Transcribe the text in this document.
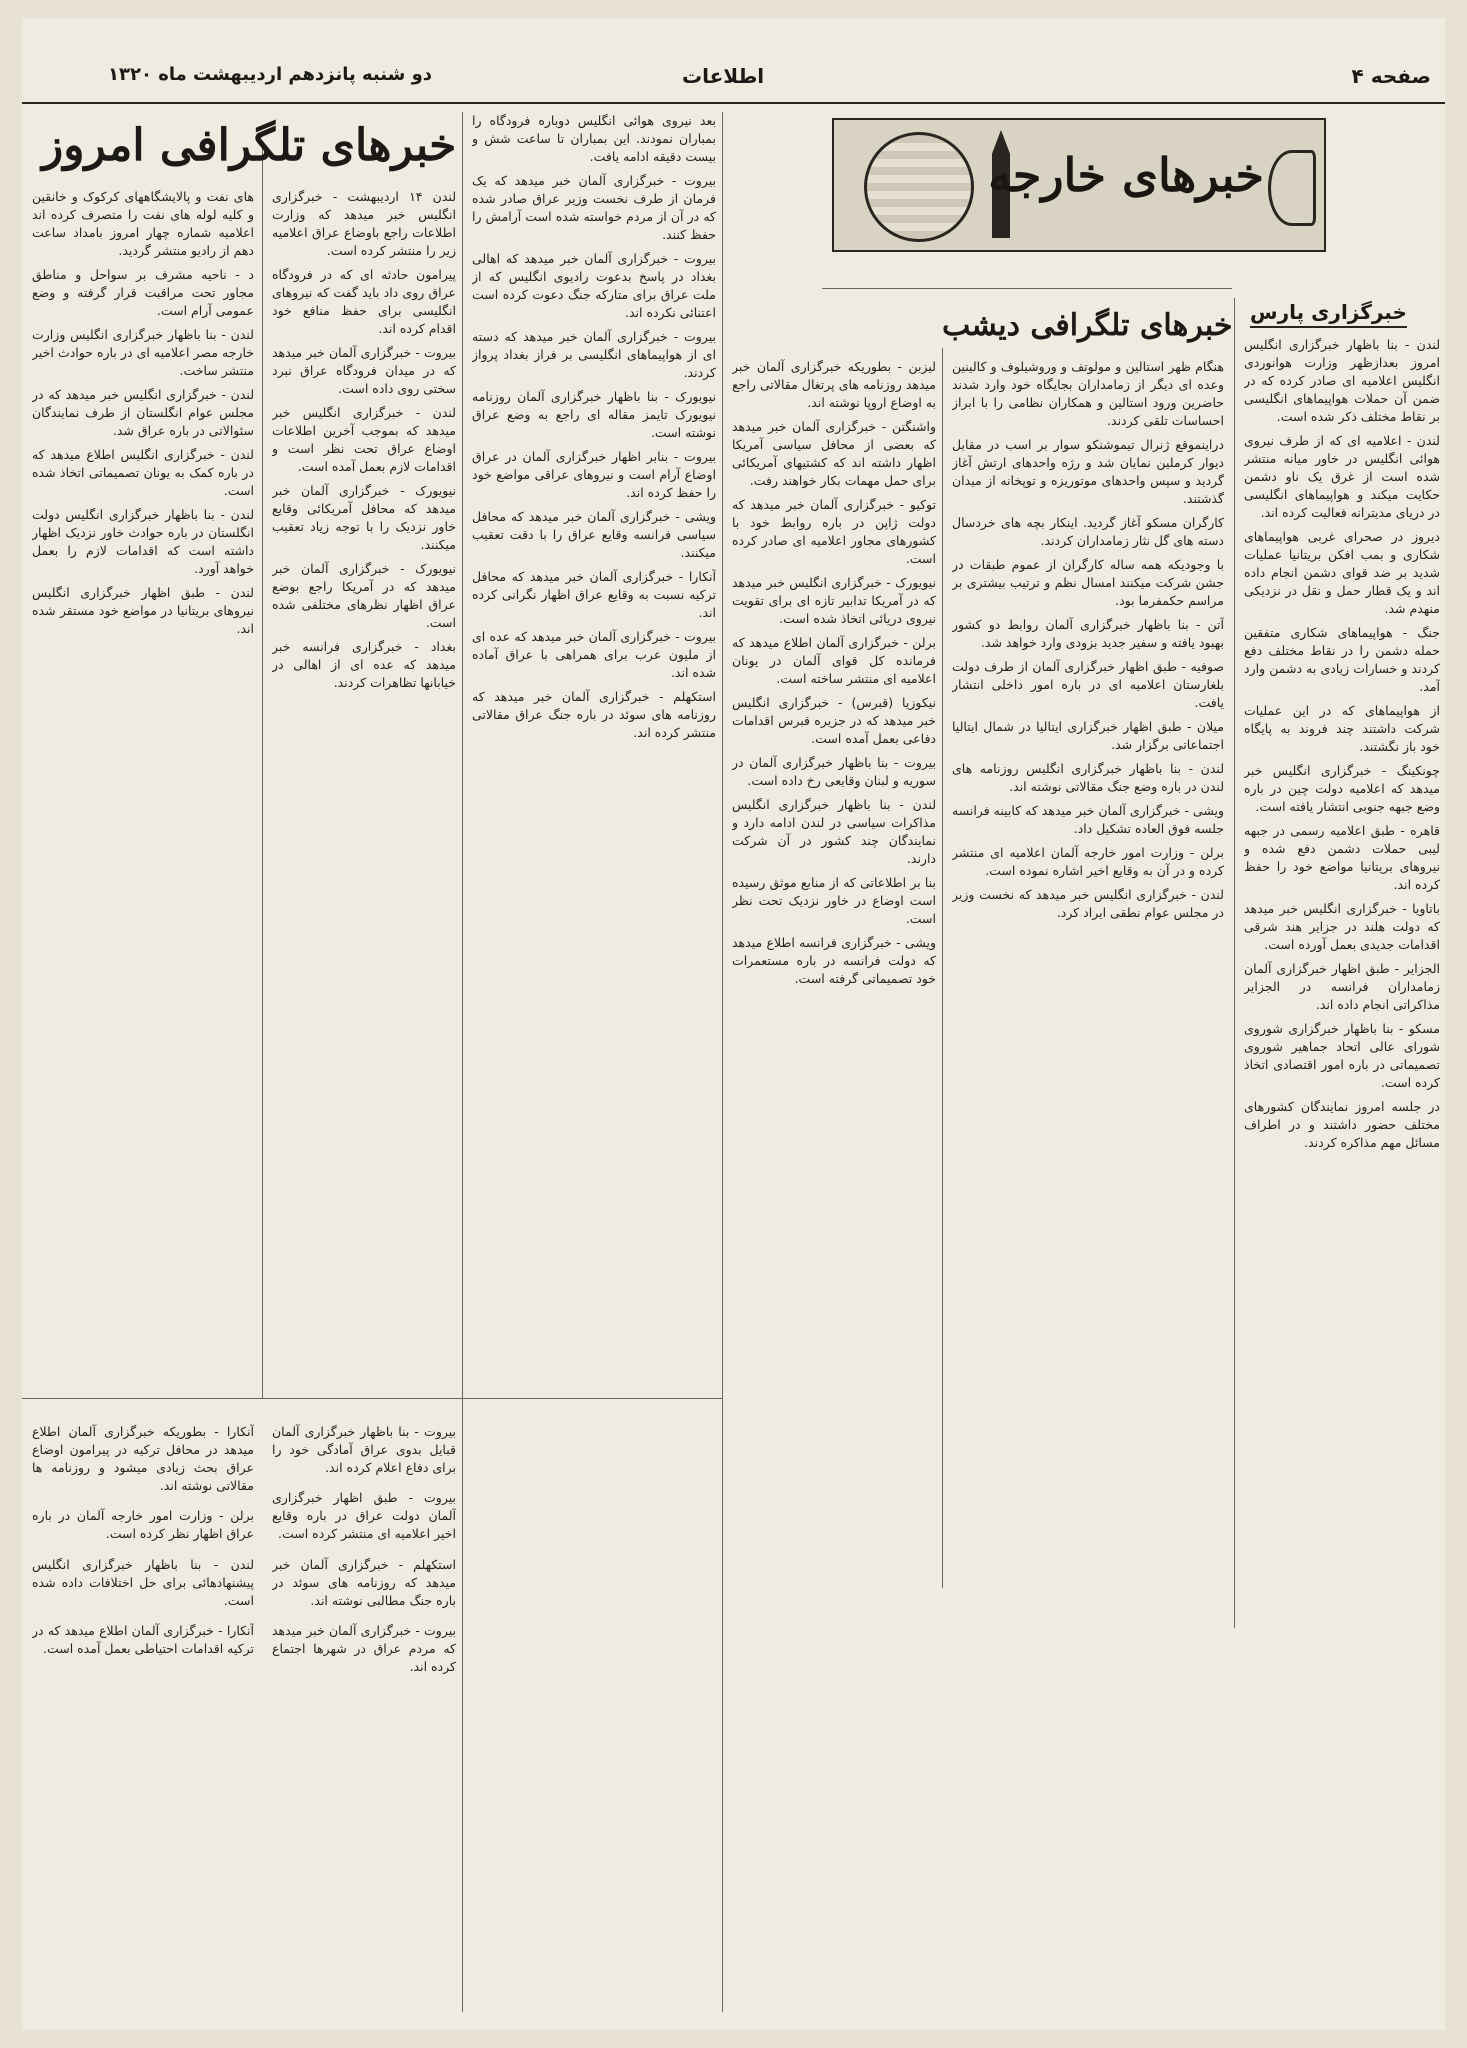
صفحه ۴
اطلاعات
دو شنبه پانزدهم اردیبهشت ماه ۱۳۲۰
خبرهای خارجه
خبرهای تلگرافی امروز
خبرهای تلگرافی دیشب خبرگزاری پارس

لندن - بنا باظهار خبرگزاری انگلیس امروز بعدازظهر وزارت هوانوردی انگلیس اعلامیه ای صادر کرده که در ضمن آن حملات هواپیماهای انگلیسی بر نقاط مختلف ذکر شده است.

لندن - اعلامیه ای که از طرف نیروی هوائی انگلیس در خاور میانه منتشر شده است از غرق یک ناو دشمن حکایت میکند و هواپیماهای انگلیسی در دریای مدیترانه فعالیت کرده اند.

دیروز در صحرای غربی هواپیماهای شکاری و بمب افکن بریتانیا عملیات شدید بر ضد قوای دشمن انجام داده اند و یک قطار حمل و نقل در نزدیکی منهدم شد.

جنگ - هواپیماهای شکاری متفقین حمله دشمن را در نقاط مختلف دفع کردند و خسارات زیادی به دشمن وارد آمد.

از هواپیماهای که در این عملیات شرکت داشتند چند فروند به پایگاه خود باز نگشتند.

چونکینگ - خبرگزاری انگلیس خبر میدهد که اعلامیه دولت چین در باره وضع جبهه جنوبی انتشار یافته است.

قاهره - طبق اعلامیه رسمی در جبهه لیبی حملات دشمن دفع شده و نیروهای بریتانیا مواضع خود را حفظ کرده اند.

باتاویا - خبرگزاری انگلیس خبر میدهد که دولت هلند در جزایر هند شرقی اقدامات جدیدی بعمل آورده است.

الجزایر - طبق اظهار خبرگزاری آلمان زمامداران فرانسه در الجزایر مذاکراتی انجام داده اند.

مسکو - بنا باظهار خبرگزاری شوروی شورای عالی اتحاد جماهیر شوروی تصمیماتی در باره امور اقتصادی اتخاذ کرده است.

در جلسه امروز نمایندگان کشورهای مختلف حضور داشتند و در اطراف مسائل مهم مذاکره کردند.

هنگام ظهر استالین و مولوتف و وروشیلوف و کالینین وعده ای دیگر از زمامداران بجایگاه خود وارد شدند حاضرین ورود استالین و همکاران نظامی را با ابراز احساسات تلقی کردند.

دراینموقع ژنرال تیموشنکو سوار بر اسب در مقابل دیوار کرملین نمایان شد و رژه واحدهای ارتش آغاز گردید و سپس واحدهای موتوریزه و توپخانه از میدان گذشتند.

کارگران مسکو آغاز گردید. اینکار بچه های خردسال دسته های گل نثار زمامداران کردند.

با وجودیکه همه ساله کارگران از عموم طبقات در جشن شرکت میکنند امسال نظم و ترتیب بیشتری بر مراسم حکمفرما بود.

آتن - بنا باظهار خبرگزاری آلمان روابط دو کشور بهبود یافته و سفیر جدید بزودی وارد خواهد شد.

صوفیه - طبق اظهار خبرگزاری آلمان از طرف دولت بلغارستان اعلامیه ای در باره امور داخلی انتشار یافت.

میلان - طبق اظهار خبرگزاری ایتالیا در شمال ایتالیا اجتماعاتی برگزار شد.

لندن - بنا باظهار خبرگزاری انگلیس روزنامه های لندن در باره وضع جنگ مقالاتی نوشته اند.

ویشی - خبرگزاری آلمان خبر میدهد که کابینه فرانسه جلسه فوق العاده تشکیل داد.

برلن - وزارت امور خارجه آلمان اعلامیه ای منتشر کرده و در آن به وقایع اخیر اشاره نموده است.

لندن - خبرگزاری انگلیس خبر میدهد که نخست وزیر در مجلس عوام نطقی ایراد کرد.

لیزبن - بطوریکه خبرگزاری آلمان خبر میدهد روزنامه های پرتغال مقالاتی راجع به اوضاع اروپا نوشته اند.

واشنگتن - خبرگزاری آلمان خبر میدهد که بعضی از محافل سیاسی آمریکا اظهار داشته اند که کشتیهای آمریکائی برای حمل مهمات بکار خواهند رفت.

توکیو - خبرگزاری آلمان خبر میدهد که دولت ژاپن در باره روابط خود با کشورهای مجاور اعلامیه ای صادر کرده است.

نیویورک - خبرگزاری انگلیس خبر میدهد که در آمریکا تدابیر تازه ای برای تقویت نیروی دریائی اتخاذ شده است.

برلن - خبرگزاری آلمان اطلاع میدهد که فرمانده کل قوای آلمان در یونان اعلامیه ای منتشر ساخته است.

نیکوزیا (قبرس) - خبرگزاری انگلیس خبر میدهد که در جزیره قبرس اقدامات دفاعی بعمل آمده است.

بیروت - بنا باظهار خبرگزاری آلمان در سوریه و لبنان وقایعی رخ داده است.

لندن - بنا باظهار خبرگزاری انگلیس مذاکرات سیاسی در لندن ادامه دارد و نمایندگان چند کشور در آن شرکت دارند.

بنا بر اطلاعاتی که از منابع موثق رسیده است اوضاع در خاور نزدیک تحت نظر است.

ویشی - خبرگزاری فرانسه اطلاع میدهد که دولت فرانسه در باره مستعمرات خود تصمیماتی گرفته است.

بعد نیروی هوائی انگلیس دوباره فرودگاه را بمباران نمودند. این بمباران تا ساعت شش و بیست دقیقه ادامه یافت.

بیروت - خبرگزاری آلمان خبر میدهد که یک فرمان از طرف نخست وزیر عراق صادر شده که در آن از مردم خواسته شده است آرامش را حفظ کنند.

بیروت - خبرگزاری آلمان خبر میدهد که اهالی بغداد در پاسخ بدعوت رادیوی انگلیس که از ملت عراق برای متارکه جنگ دعوت کرده است اعتنائی نکرده اند.

بیروت - خبرگزاری آلمان خبر میدهد که دسته ای از هواپیماهای انگلیسی بر فراز بغداد پرواز کردند.

نیویورک - بنا باظهار خبرگزاری آلمان روزنامه نیویورک تایمز مقاله ای راجع به وضع عراق نوشته است.

بیروت - بنابر اظهار خبرگزاری آلمان در عراق اوضاع آرام است و نیروهای عراقی مواضع خود را حفظ کرده اند.

ویشی - خبرگزاری آلمان خبر میدهد که محافل سیاسی فرانسه وقایع عراق را با دقت تعقیب میکنند.

آنکارا - خبرگزاری آلمان خبر میدهد که محافل ترکیه نسبت به وقایع عراق اظهار نگرانی کرده اند.

بیروت - خبرگزاری آلمان خبر میدهد که عده ای از ملیون عرب برای همراهی با عراق آماده شده اند.

استکهلم - خبرگزاری آلمان خبر میدهد که روزنامه های سوئد در باره جنگ عراق مقالاتی منتشر کرده اند.

لندن ۱۴ اردیبهشت - خبرگزاری انگلیس خبر میدهد که وزارت اطلاعات راجع باوضاع عراق اعلامیه زیر را منتشر کرده است.

پیرامون حادثه ای که در فرودگاه عراق روی داد باید گفت که نیروهای انگلیسی برای حفظ منافع خود اقدام کرده اند.

بیروت - خبرگزاری آلمان خبر میدهد که در میدان فرودگاه عراق نبرد سختی روی داده است.

لندن - خبرگزاری انگلیس خبر میدهد که بموجب آخرین اطلاعات اوضاع عراق تحت نظر است و اقدامات لازم بعمل آمده است.

نیویورک - خبرگزاری آلمان خبر میدهد که محافل آمریکائی وقایع خاور نزدیک را با توجه زیاد تعقیب میکنند.

نیویورک - خبرگزاری آلمان خبر میدهد که در آمریکا راجع بوضع عراق اظهار نظرهای مختلفی شده است.

بغداد - خبرگزاری فرانسه خبر میدهد که عده ای از اهالی در خیابانها تظاهرات کردند.

های نفت و پالایشگاههای کرکوک و خانقین و کلیه لوله های نفت را متصرف کرده اند اعلامیه شماره چهار امروز بامداد ساعت دهم از رادیو منتشر گردید.

د - ناحیه مشرف بر سواحل و مناطق مجاور تحت مراقبت قرار گرفته و وضع عمومی آرام است.

لندن - بنا باظهار خبرگزاری انگلیس وزارت خارجه مصر اعلامیه ای در باره حوادث اخیر منتشر ساخت.

لندن - خبرگزاری انگلیس خبر میدهد که در مجلس عوام انگلستان از طرف نمایندگان سئوالاتی در باره عراق شد.

لندن - خبرگزاری انگلیس اطلاع میدهد که در باره کمک به یونان تصمیماتی اتخاذ شده است.

لندن - بنا باظهار خبرگزاری انگلیس دولت انگلستان در باره حوادث خاور نزدیک اظهار داشته است که اقدامات لازم را بعمل خواهد آورد.

لندن - طبق اظهار خبرگزاری انگلیس نیروهای بریتانیا در مواضع خود مستقر شده اند.

بیروت - بنا باظهار خبرگزاری آلمان قبایل بدوی عراق آمادگی خود را برای دفاع اعلام کرده اند.

بیروت - طبق اظهار خبرگزاری آلمان دولت عراق در باره وقایع اخیر اعلامیه ای منتشر کرده است.

استکهلم - خبرگزاری آلمان خبر میدهد که روزنامه های سوئد در باره جنگ مطالبی نوشته اند.

بیروت - خبرگزاری آلمان خبر میدهد که مردم عراق در شهرها اجتماع کرده اند.

آنکارا - بطوریکه خبرگزاری آلمان اطلاع میدهد در محافل ترکیه در پیرامون اوضاع عراق بحث زیادی میشود و روزنامه ها مقالاتی نوشته اند.

برلن - وزارت امور خارجه آلمان در باره عراق اظهار نظر کرده است.

لندن - بنا باظهار خبرگزاری انگلیس پیشنهادهائی برای حل اختلافات داده شده است.

آنکارا - خبرگزاری آلمان اطلاع میدهد که در ترکیه اقدامات احتیاطی بعمل آمده است.
